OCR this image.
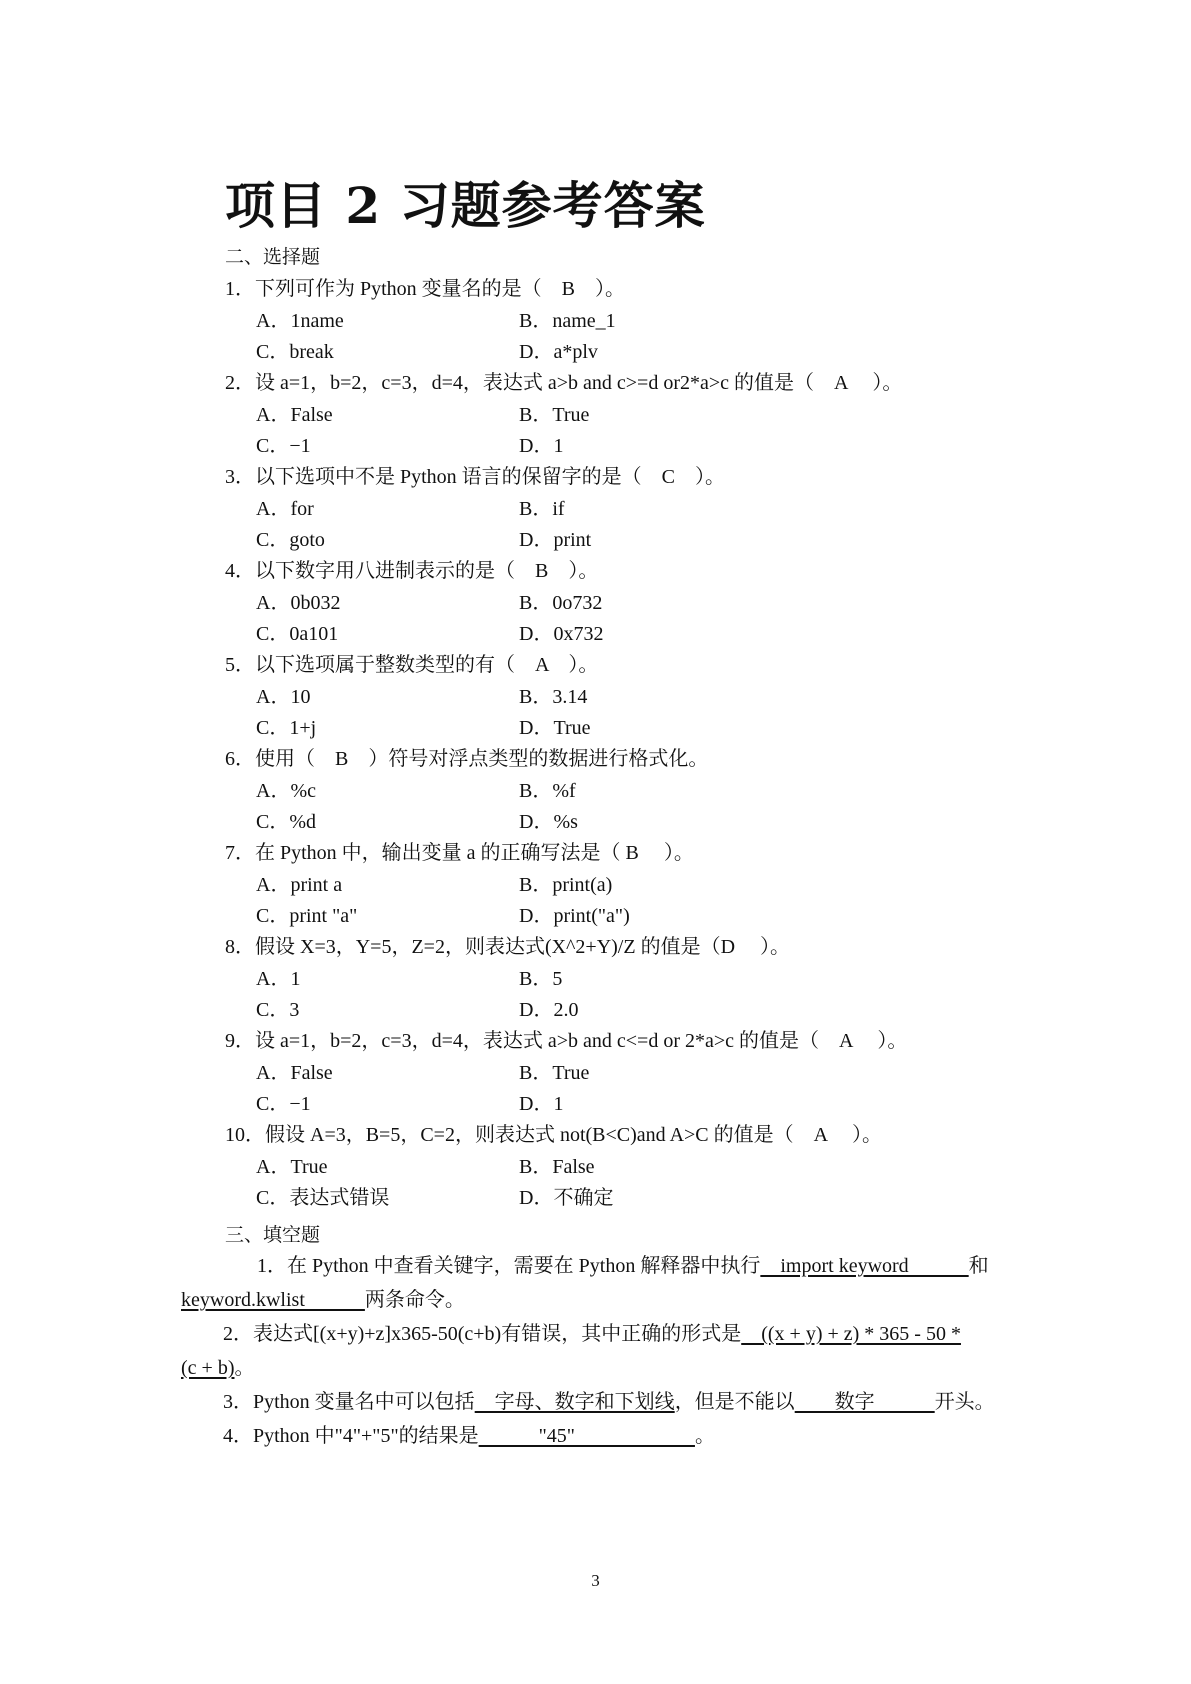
项目 2 习题参考答案
二、选择题
1．下列可作为 Python 变量名的是（　B　）。
A．1name	B．name_1
C．break	D．a*plv
2．设 a=1，b=2，c=3，d=4，表达式 a>b and c>=d or2*a>c 的值是（　A　 ）。
A．False	B．True
C．−1	D．1
3．以下选项中不是 Python 语言的保留字的是（　C　）。
A．for	B．if
C．goto	D．print
4．以下数字用八进制表示的是（　B　）。
A．0b032	B．0o732
C．0a101	D．0x732
5．以下选项属于整数类型的有（　A　）。
A．10	B．3.14
C．1+j	D．True
6．使用（　B　）符号对浮点类型的数据进行格式化。
A．%c	B．%f
C．%d	D．%s
7．在 Python 中，输出变量 a 的正确写法是（ B　 ）。
A．print a	B．print(a)
C．print "a"	D．print("a")
8．假设 X=3，Y=5，Z=2，则表达式(X^2+Y)/Z 的值是（D　 ）。
A．1	B．5
C．3	D．2.0
9．设 a=1，b=2，c=3，d=4，表达式 a>b and c<=d or 2*a>c 的值是（　A　 ）。
A．False	B．True
C．−1	D．1
10．假设 A=3，B=5，C=2，则表达式 not(B<C)and A>C 的值是（　A　 ）。
A．True	B．False
C．表达式错误	D．不确定
三、填空题
1．在 Python 中查看关键字，需要在 Python 解释器中执行　import keyword　　　和
keyword.kwlist　　　两条命令。
2．表达式[(x+y)+z]x365-50(c+b)有错误，其中正确的形式是　((x + y) + z) * 365 - 50 *
(c + b)。
3．Python 变量名中可以包括　字母、数字和下划线，但是不能以　　数字　　　开头。
4．Python 中"4"+"5"的结果是　　　"45"　　　　　　。
3
